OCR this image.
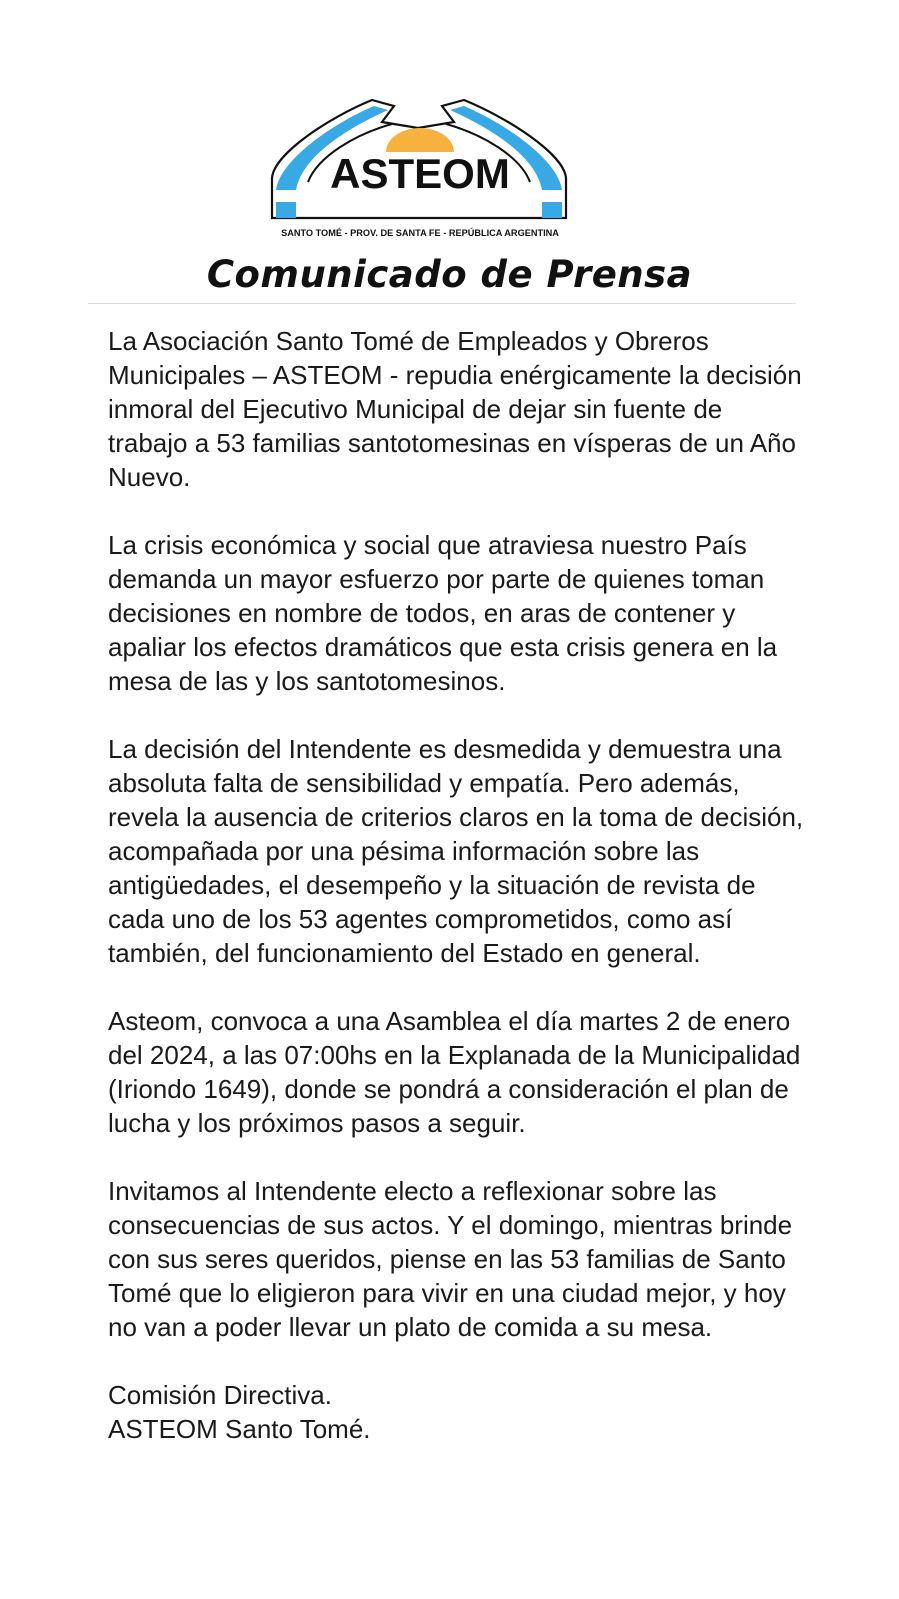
ASTEOM
SANTO TOMÉ - PROV. DE SANTA FE - REPÚBLICA ARGENTINA
Comunicado de Prensa

La Asociación Santo Tomé de Empleados y Obreros Municipales – ASTEOM - repudia enérgicamente la decisión inmoral del Ejecutivo Municipal de dejar sin fuente de trabajo a 53 familias santotomesinas en vísperas de un Año Nuevo.

La crisis económica y social que atraviesa nuestro País demanda un mayor esfuerzo por parte de quienes toman decisiones en nombre de todos, en aras de contener y apaliar los efectos dramáticos que esta crisis genera en la mesa de las y los santotomesinos.

La decisión del Intendente es desmedida y demuestra una absoluta falta de sensibilidad y empatía. Pero además, revela la ausencia de criterios claros en la toma de decisión, acompañada por una pésima información sobre las antigüedades, el desempeño y la situación de revista de cada uno de los 53 agentes comprometidos, como así también, del funcionamiento del Estado en general.

Asteom, convoca a una Asamblea el día martes 2 de enero del 2024, a las 07:00hs en la Explanada de la Municipalidad (Iriondo 1649), donde se pondrá a consideración el plan de lucha y los próximos pasos a seguir.

Invitamos al Intendente electo a reflexionar sobre las consecuencias de sus actos. Y el domingo, mientras brinde con sus seres queridos, piense en las 53 familias de Santo Tomé que lo eligieron para vivir en una ciudad mejor, y hoy no van a poder llevar un plato de comida a su mesa.

Comisión Directiva.
ASTEOM Santo Tomé.
